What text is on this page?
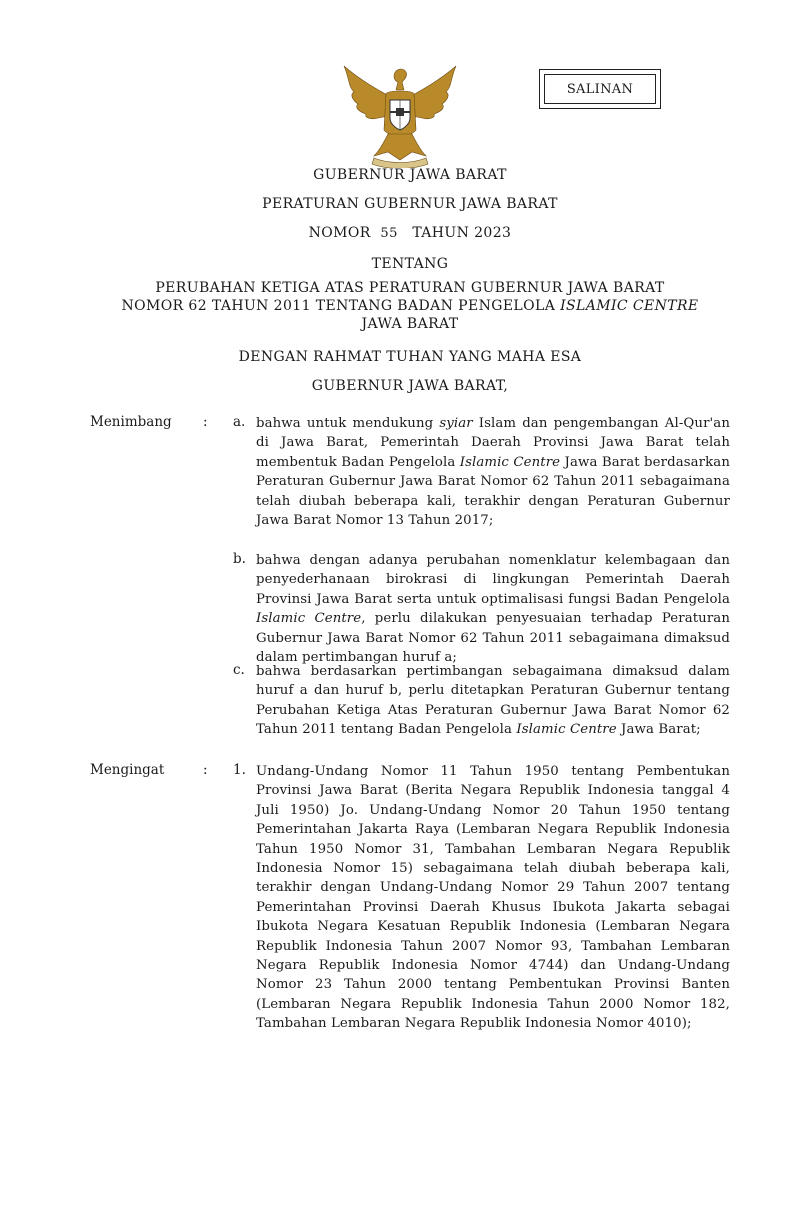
SALINAN
GUBERNUR JAWA BARAT
PERATURAN GUBERNUR JAWA BARAT
NOMOR 55 TAHUN 2023
TENTANG
PERUBAHAN KETIGA ATAS PERATURAN GUBERNUR JAWA BARAT
NOMOR 62 TAHUN 2011 TENTANG BADAN PENGELOLA ISLAMIC CENTRE
JAWA BARAT
DENGAN RAHMAT TUHAN YANG MAHA ESA
GUBERNUR JAWA BARAT,
Menimbang : a. bahwa untuk mendukung syiar Islam dan pengembangan Al-Qur'an di Jawa Barat, Pemerintah Daerah Provinsi Jawa Barat telah membentuk Badan Pengelola Islamic Centre Jawa Barat berdasarkan Peraturan Gubernur Jawa Barat Nomor 62 Tahun 2011 sebagaimana telah diubah beberapa kali, terakhir dengan Peraturan Gubernur Jawa Barat Nomor 13 Tahun 2017;
b. bahwa dengan adanya perubahan nomenklatur kelembagaan dan penyederhanaan birokrasi di lingkungan Pemerintah Daerah Provinsi Jawa Barat serta untuk optimalisasi fungsi Badan Pengelola Islamic Centre, perlu dilakukan penyesuaian terhadap Peraturan Gubernur Jawa Barat Nomor 62 Tahun 2011 sebagaimana dimaksud dalam pertimbangan huruf a;
c. bahwa berdasarkan pertimbangan sebagaimana dimaksud dalam huruf a dan huruf b, perlu ditetapkan Peraturan Gubernur tentang Perubahan Ketiga Atas Peraturan Gubernur Jawa Barat Nomor 62 Tahun 2011 tentang Badan Pengelola Islamic Centre Jawa Barat;
Mengingat	: 1. Undang-Undang Nomor 11 Tahun 1950 tentang Pembentukan Provinsi Jawa Barat (Berita Negara Republik Indonesia tanggal 4 Juli 1950) Jo. Undang-Undang Nomor 20 Tahun 1950 tentang Pemerintahan Jakarta Raya (Lembaran Negara Republik Indonesia Tahun 1950 Nomor 31, Tambahan Lembaran Negara Republik Indonesia Nomor 15) sebagaimana telah diubah beberapa kali, terakhir dengan Undang-Undang Nomor 29 Tahun 2007 tentang Pemerintahan Provinsi Daerah Khusus Ibukota Jakarta sebagai Ibukota Negara Kesatuan Republik Indonesia (Lembaran Negara Republik Indonesia Tahun 2007 Nomor 93, Tambahan Lembaran Negara Republik Indonesia Nomor 4744) dan Undang-Undang Nomor 23 Tahun 2000 tentang Pembentukan Provinsi Banten (Lembaran Negara Republik Indonesia Tahun 2000 Nomor 182, Tambahan Lembaran Negara Republik Indonesia Nomor 4010);
